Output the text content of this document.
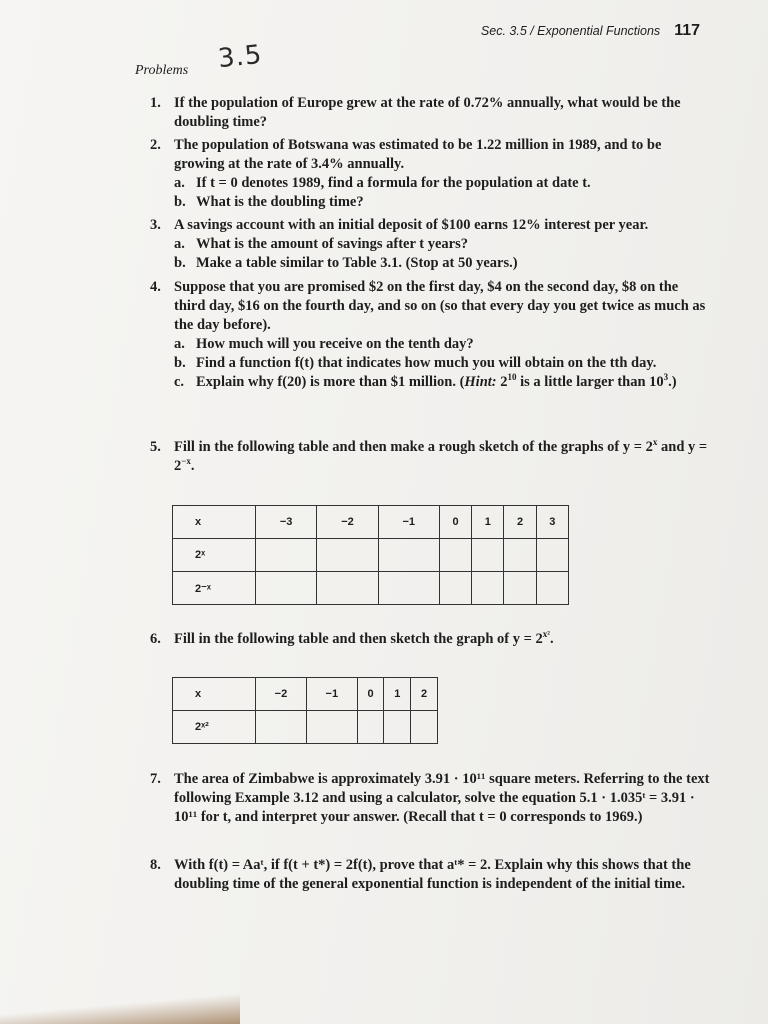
Sec. 3.5 / Exponential Functions 117
Problems 3.5
1. If the population of Europe grew at the rate of 0.72% annually, what would be the doubling time?
2. The population of Botswana was estimated to be 1.22 million in 1989, and to be growing at the rate of 3.4% annually.
a. If t = 0 denotes 1989, find a formula for the population at date t.
b. What is the doubling time?
3. A savings account with an initial deposit of $100 earns 12% interest per year.
a. What is the amount of savings after t years?
b. Make a table similar to Table 3.1. (Stop at 50 years.)
4. Suppose that you are promised $2 on the first day, $4 on the second day, $8 on the third day, $16 on the fourth day, and so on (so that every day you get twice as much as the day before).
a. How much will you receive on the tenth day?
b. Find a function f(t) that indicates how much you will obtain on the tth day.
c. Explain why f(20) is more than $1 million. (Hint: $2^{10}$ is a little larger than $10^3$.)
5. Fill in the following table and then make a rough sketch of the graphs of $y = 2^x$ and $y = 2^{-x}$.
x	−3	−2	−1	0	1	2	3
2ˣ							
2⁻ˣ							
6. Fill in the following table and then sketch the graph of $y = 2^{x^2}$.
x	−2	−1	0	1	2
2ˣ²					
7. The area of Zimbabwe is approximately 3.91 · 10¹¹ square meters. Referring to the text following Example 3.12 and using a calculator, solve the equation 5.1 · 1.035ᵗ = 3.91 · 10¹¹ for t, and interpret your answer. (Recall that t = 0 corresponds to 1969.)
8. With f(t) = Aaᵗ, if f(t + t*) = 2f(t), prove that aᵗ* = 2. Explain why this shows that the doubling time of the general exponential function is independent of the initial time.
